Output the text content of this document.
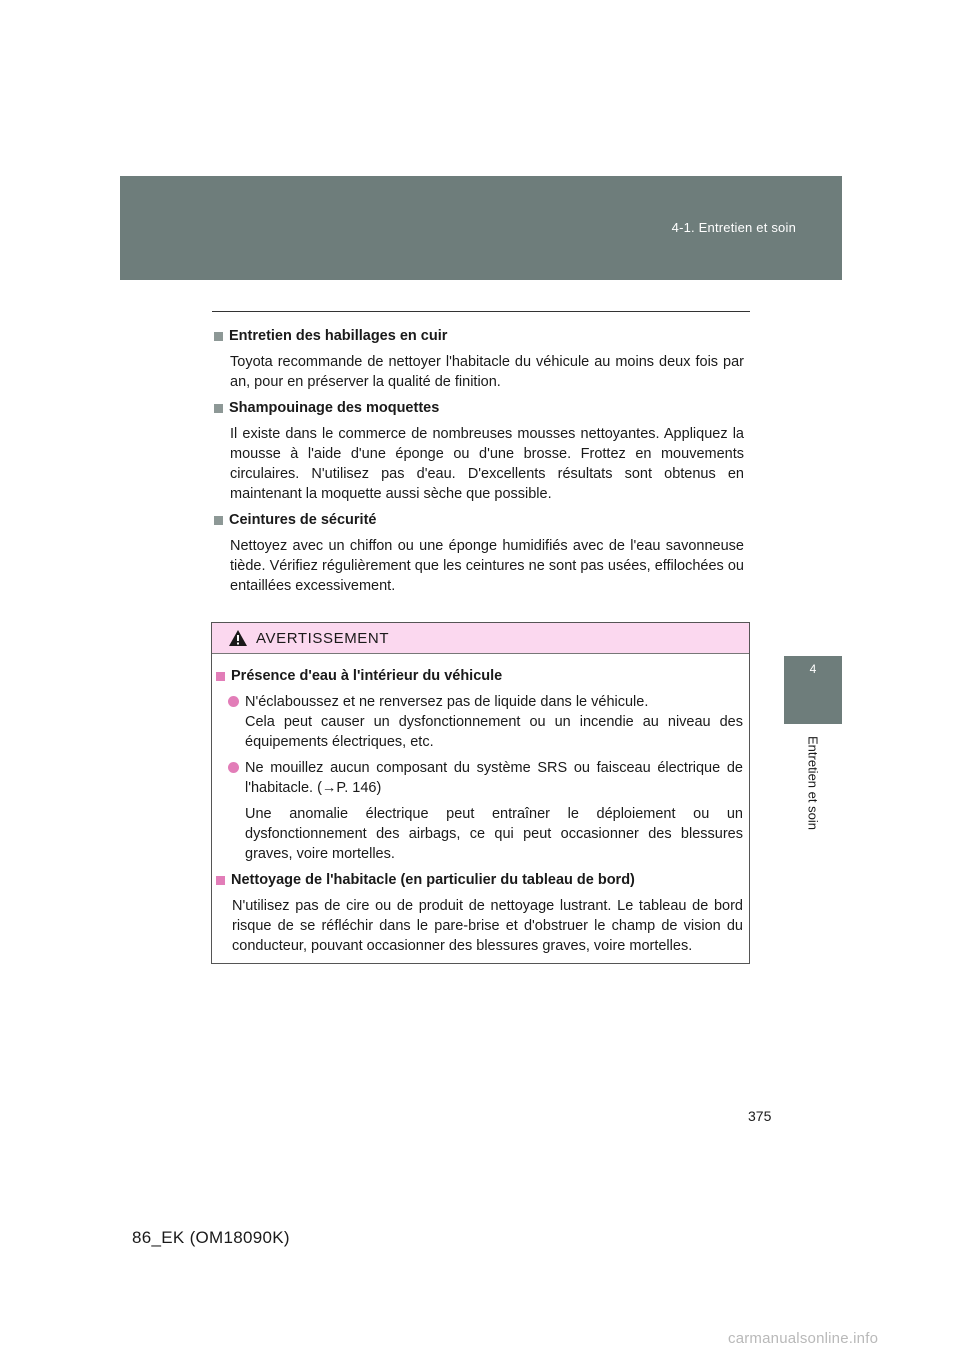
4-1. Entretien et soin
4
Entretien et soin
Entretien des habillages en cuir
Toyota recommande de nettoyer l'habitacle du véhicule au moins deux fois par an, pour en préserver la qualité de finition.
Shampouinage des moquettes
Il existe dans le commerce de nombreuses mousses nettoyantes. Appliquez la mousse à l'aide d'une éponge ou d'une brosse. Frottez en mouvements circulaires. N'utilisez pas d'eau. D'excellents résultats sont obtenus en maintenant la moquette aussi sèche que possible.
Ceintures de sécurité
Nettoyez avec un chiffon ou une éponge humidifiés avec de l'eau savonneuse tiède. Vérifiez régulièrement que les ceintures ne sont pas usées, effilochées ou entaillées excessivement.
AVERTISSEMENT
Présence d'eau à l'intérieur du véhicule
N'éclaboussez et ne renversez pas de liquide dans le véhicule.
Cela peut causer un dysfonctionnement ou un incendie au niveau des équipements électriques, etc.
Ne mouillez aucun composant du système SRS ou faisceau électrique de l'habitacle. (→P. 146)
Une anomalie électrique peut entraîner le déploiement ou un dysfonctionnement des airbags, ce qui peut occasionner des blessures graves, voire mortelles.
Nettoyage de l'habitacle (en particulier du tableau de bord)
N'utilisez pas de cire ou de produit de nettoyage lustrant. Le tableau de bord risque de se réfléchir dans le pare-brise et d'obstruer le champ de vision du conducteur, pouvant occasionner des blessures graves, voire mortelles.
375
86_EK (OM18090K)
carmanualsonline.info
